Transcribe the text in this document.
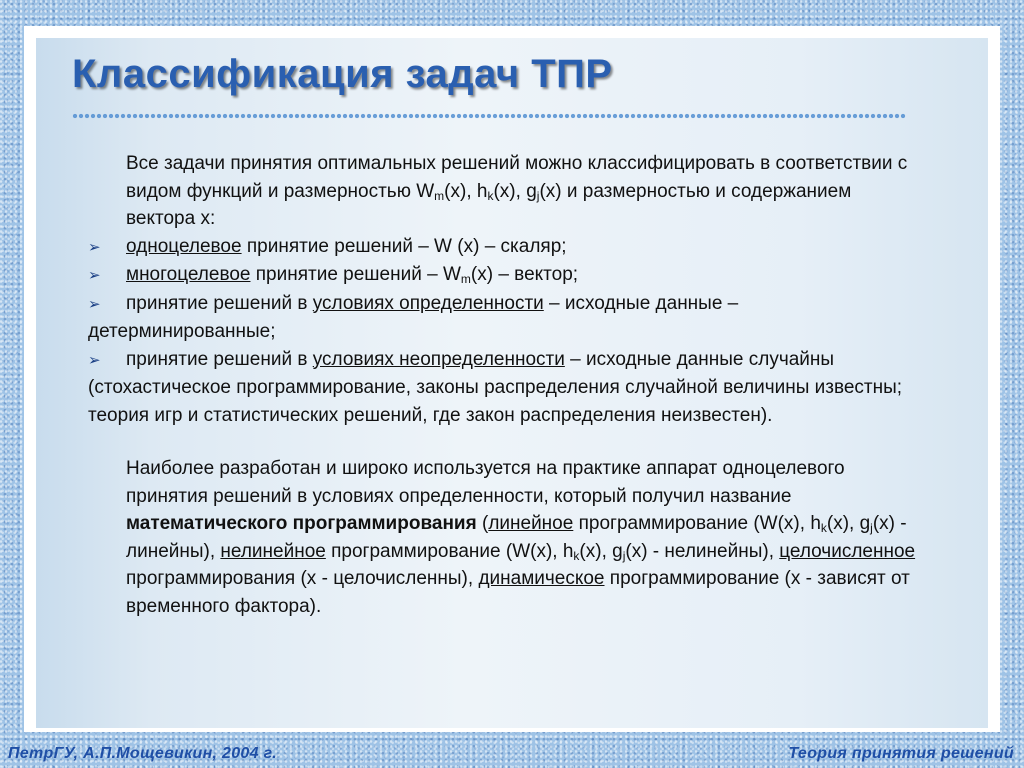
Классификация задач ТПР

Все задачи принятия оптимальных решений можно классифицировать в соответствии с видом функций и размерностью $W_m(x)$, $h_k(x)$, $g_j(x)$ и размерностью и содержанием вектора x:

➢ одноцелевое принятие решений – W (x) – скаляр;

➢ многоцелевое принятие решений – $W_m(x)$ – вектор;

➢ принятие решений в условиях определенности – исходные данные – детерминированные;

➢ принятие решений в условиях неопределенности – исходные данные случайны (стохастическое программирование, законы распределения случайной величины известны; теория игр и статистических решений, где закон распределения неизвестен).

Наиболее разработан и широко используется на практике аппарат одноцелевого принятия решений в условиях определенности, который получил название математического программирования (линейное программирование (W(x), $h_k(x)$, $g_j(x)$ - линейны), нелинейное программирование (W(x), $h_k(x)$, $g_j(x)$ - нелинейны), целочисленное программирования (x - целочисленны), динамическое программирование (x - зависят от временного фактора).

ПетрГУ, А.П.Мощевикин, 2004 г.	Теория принятия решений
